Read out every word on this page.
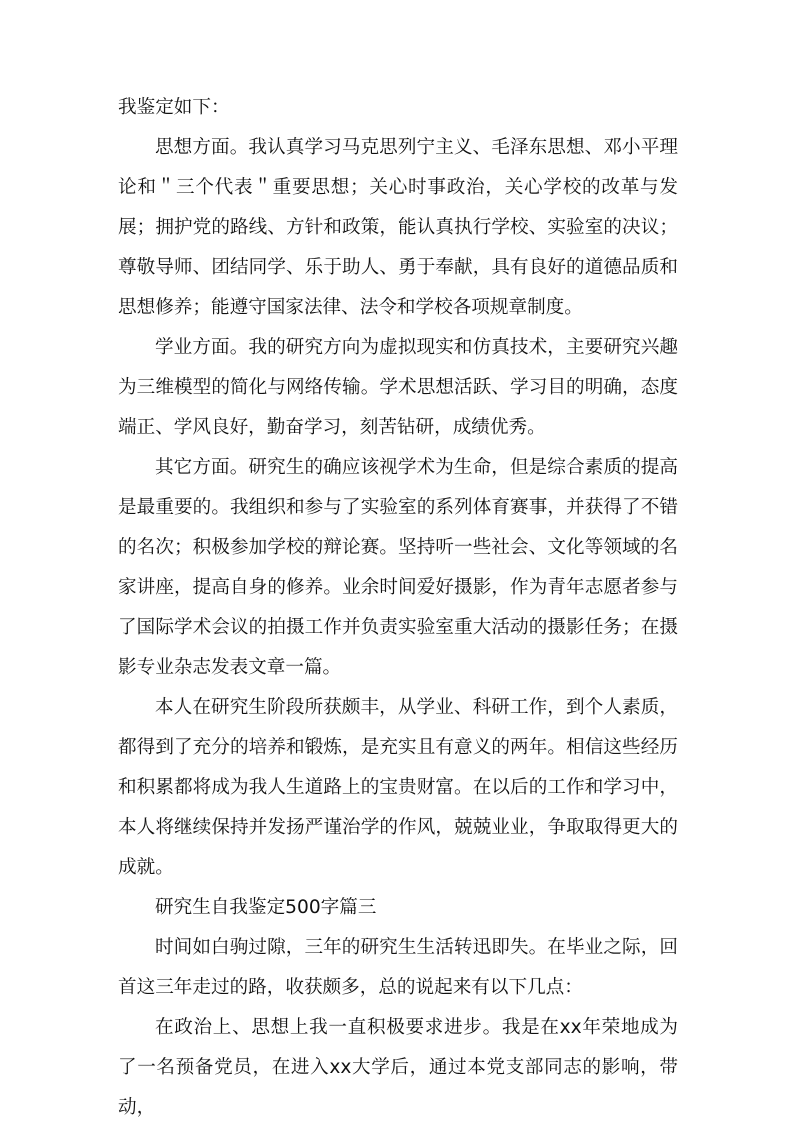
我鉴定如下：

思想方面。我认真学习马克思列宁主义、毛泽东思想、邓小平理论和＂三个代表＂重要思想；关心时事政治，关心学校的改革与发展；拥护党的路线、方针和政策，能认真执行学校、实验室的决议；尊敬导师、团结同学、乐于助人、勇于奉献，具有良好的道德品质和思想修养；能遵守国家法律、法令和学校各项规章制度。

学业方面。我的研究方向为虚拟现实和仿真技术，主要研究兴趣为三维模型的简化与网络传输。学术思想活跃、学习目的明确，态度端正、学风良好，勤奋学习，刻苦钻研，成绩优秀。

其它方面。研究生的确应该视学术为生命，但是综合素质的提高是最重要的。我组织和参与了实验室的系列体育赛事，并获得了不错的名次；积极参加学校的辩论赛。坚持听一些社会、文化等领域的名家讲座，提高自身的修养。业余时间爱好摄影，作为青年志愿者参与了国际学术会议的拍摄工作并负责实验室重大活动的摄影任务；在摄影专业杂志发表文章一篇。

本人在研究生阶段所获颇丰，从学业、科研工作，到个人素质，都得到了充分的培养和锻炼，是充实且有意义的两年。相信这些经历和积累都将成为我人生道路上的宝贵财富。在以后的工作和学习中，本人将继续保持并发扬严谨治学的作风，兢兢业业，争取取得更大的成就。

研究生自我鉴定500字篇三

时间如白驹过隙，三年的研究生生活转迅即失。在毕业之际，回首这三年走过的路，收获颇多，总的说起来有以下几点：

在政治上、思想上我一直积极要求进步。我是在xx年荣地成为了一名预备党员，在进入xx大学后，通过本党支部同志的影响，带动，
